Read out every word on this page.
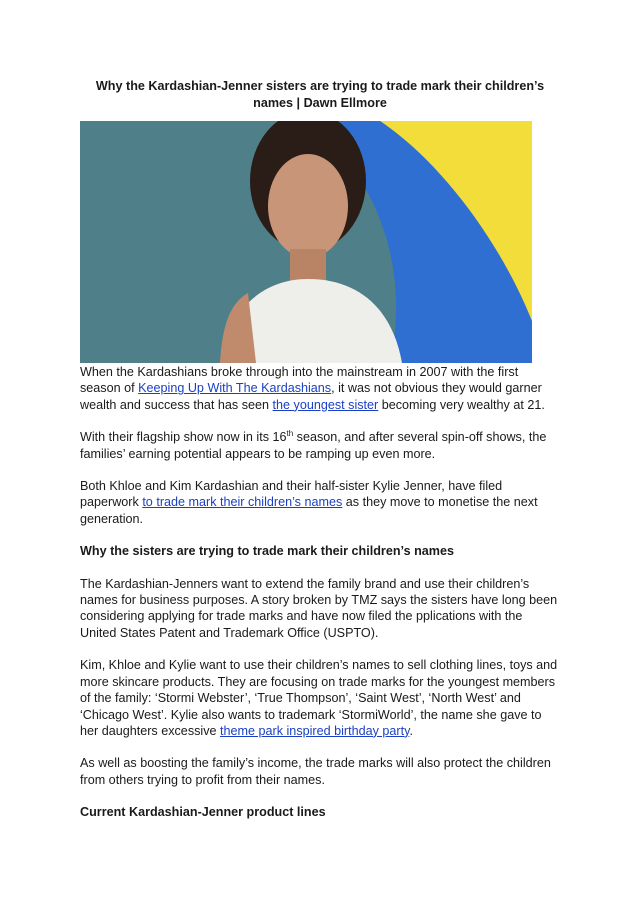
Why the Kardashian-Jenner sisters are trying to trade mark their children’s names | Dawn Ellmore

When the Kardashians broke through into the mainstream in 2007 with the first season of Keeping Up With The Kardashians, it was not obvious they would garner wealth and success that has seen the youngest sister becoming very wealthy at 21.

With their flagship show now in its 16th season, and after several spin-off shows, the families’ earning potential appears to be ramping up even more.

Both Khloe and Kim Kardashian and their half-sister Kylie Jenner, have filed paperwork to trade mark their children’s names as they move to monetise the next generation.

Why the sisters are trying to trade mark their children’s names

The Kardashian-Jenners want to extend the family brand and use their children’s names for business purposes. A story broken by TMZ says the sisters have long been considering applying for trade marks and have now filed the pplications with the United States Patent and Trademark Office (USPTO).

Kim, Khloe and Kylie want to use their children’s names to sell clothing lines, toys and more skincare products. They are focusing on trade marks for the youngest members of the family: ‘Stormi Webster’, ‘True Thompson’, ‘Saint West’, ‘North West’ and ‘Chicago West’. Kylie also wants to trademark ‘StormiWorld’, the name she gave to her daughters excessive theme park inspired birthday party.

As well as boosting the family’s income, the trade marks will also protect the children from others trying to profit from their names.

Current Kardashian-Jenner product lines
